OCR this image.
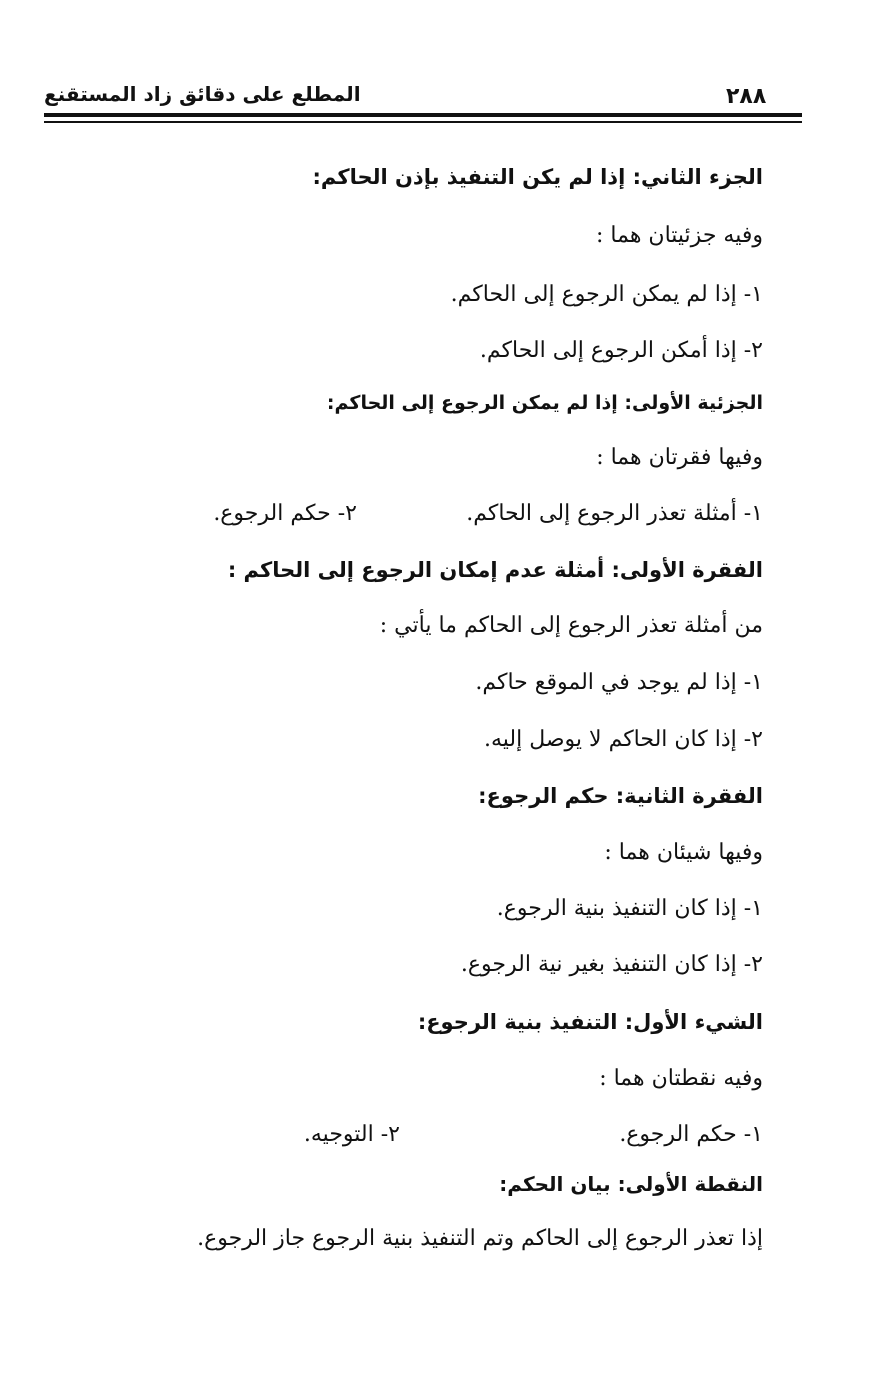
المطلع على دقائق زاد المستقنع	٢٨٨
الجزء الثاني: إذا لم يكن التنفيذ بإذن الحاكم:
وفيه جزئيتان هما :
١- إذا لم يمكن الرجوع إلى الحاكم.
٢- إذا أمكن الرجوع إلى الحاكم.
الجزئية الأولى: إذا لم يمكن الرجوع إلى الحاكم:
وفيها فقرتان هما :
١- أمثلة تعذر الرجوع إلى الحاكم.
٢- حكم الرجوع.
الفقرة الأولى: أمثلة عدم إمكان الرجوع إلى الحاكم :
من أمثلة تعذر الرجوع إلى الحاكم ما يأتي :
١- إذا لم يوجد في الموقع حاكم.
٢- إذا كان الحاكم لا يوصل إليه.
الفقرة الثانية: حكم الرجوع:
وفيها شيئان هما :
١- إذا كان التنفيذ بنية الرجوع.
٢- إذا كان التنفيذ بغير نية الرجوع.
الشيء الأول: التنفيذ بنية الرجوع:
وفيه نقطتان هما :
١- حكم الرجوع.
٢- التوجيه.
النقطة الأولى: بيان الحكم:
إذا تعذر الرجوع إلى الحاكم وتم التنفيذ بنية الرجوع جاز الرجوع.
